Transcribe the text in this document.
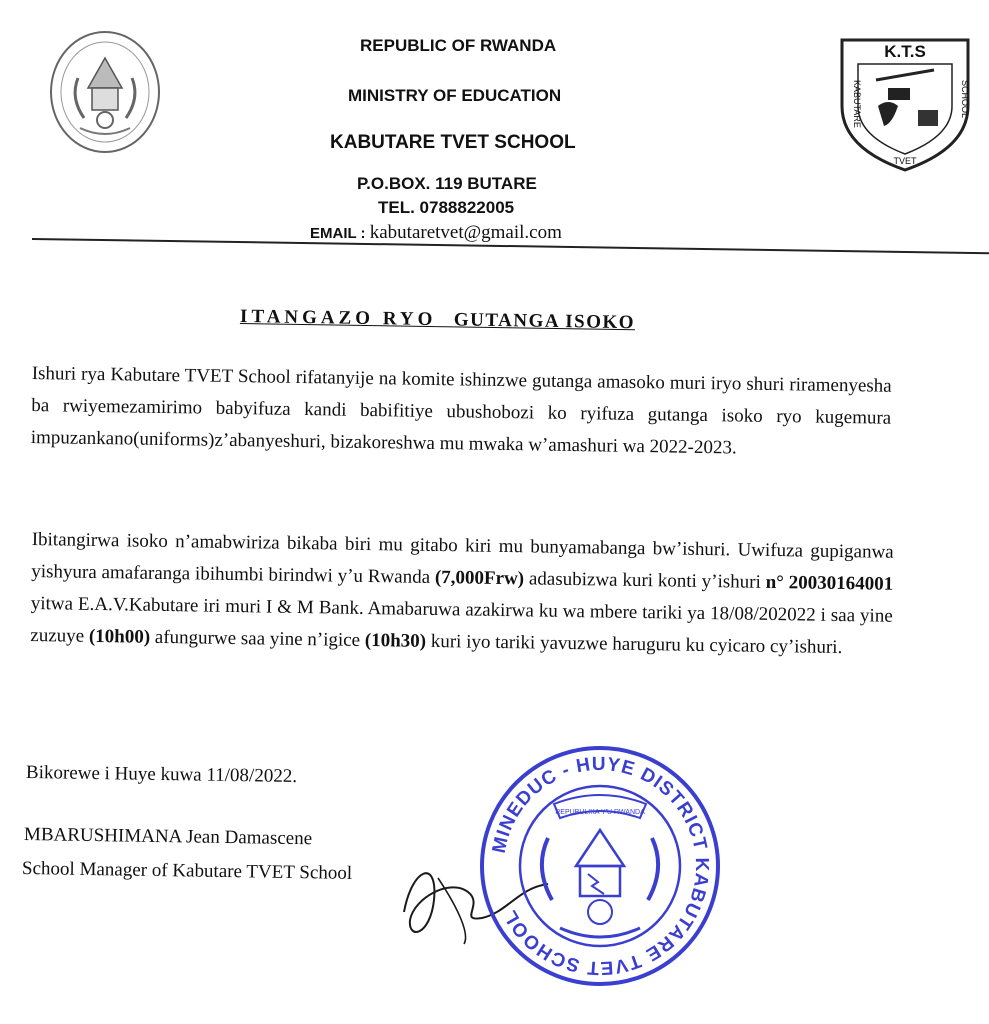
REPUBLIC OF RWANDA
MINISTRY OF EDUCATION
KABUTARE TVET SCHOOL
P.O.BOX. 119 BUTARE
TEL. 0788822005
EMAIL : kabutaretvet@gmail.com
K.T.S
KABUTARE	SCHOOL
TVET
ITANGAZO RYO GUTANGA ISOKO

Ishuri rya Kabutare TVET School rifatanyije na komite ishinzwe gutanga amasoko muri iryo shuri riramenyesha ba rwiyemezamirimo babyifuza kandi babifitiye ubushobozi ko ryifuza gutanga isoko ryo kugemura impuzankano(uniforms)z’abanyeshuri, bizakoreshwa mu mwaka w’amashuri wa 2022-2023.

Ibitangirwa isoko n’amabwiriza bikaba biri mu gitabo kiri mu bunyamabanga bw’ishuri. Uwifuza gupiganwa yishyura amafaranga ibihumbi birindwi y’u Rwanda (7,000Frw) adasubizwa kuri konti y’ishuri n° 20030164001 yitwa E.A.V.Kabutare iri muri I & M Bank. Amabaruwa azakirwa ku wa mbere tariki ya 18/08/202022 i saa yine zuzuye (10h00) afungurwe saa yine n’igice (10h30) kuri iyo tariki yavuzwe haruguru ku cyicaro cy’ishuri.

Bikorewe i Huye kuwa 11/08/2022.
MBARUSHIMANA Jean Damascene
School Manager of Kabutare TVET School
MINEDUC - HUYE DISTRICT KABUTARE TVET SCHOOL
REPUBULIKA Y'U RWANDA
